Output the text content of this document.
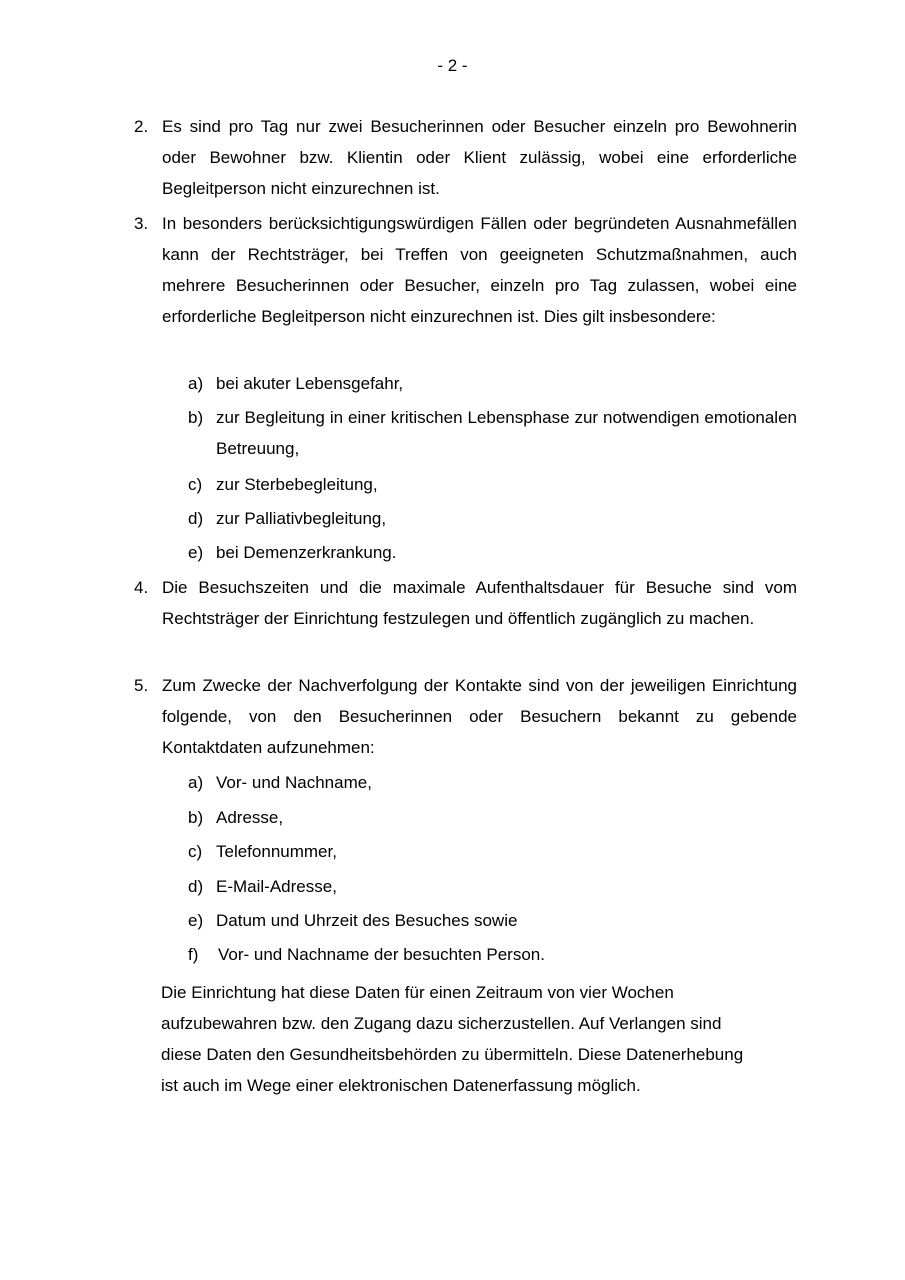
- 2 -
2. Es sind pro Tag nur zwei Besucherinnen oder Besucher einzeln pro Bewohnerin oder Bewohner bzw. Klientin oder Klient zulässig, wobei eine erforderliche Begleitperson nicht einzurechnen ist.
3. In besonders berücksichtigungswürdigen Fällen oder begründeten Ausnahmefällen kann der Rechtsträger, bei Treffen von geeigneten Schutzmaßnahmen, auch mehrere Besucherinnen oder Besucher, einzeln pro Tag zulassen, wobei eine erforderliche Begleitperson nicht einzurechnen ist. Dies gilt insbesondere:
a) bei akuter Lebensgefahr,
b) zur Begleitung in einer kritischen Lebensphase zur notwendigen emotionalen Betreuung,
c) zur Sterbebegleitung,
d) zur Palliativbegleitung,
e) bei Demenzerkrankung.
4. Die Besuchszeiten und die maximale Aufenthaltsdauer für Besuche sind vom Rechtsträger der Einrichtung festzulegen und öffentlich zugänglich zu machen.
5. Zum Zwecke der Nachverfolgung der Kontakte sind von der jeweiligen Einrichtung folgende, von den Besucherinnen oder Besuchern bekannt zu gebende Kontaktdaten aufzunehmen:
a) Vor- und Nachname,
b) Adresse,
c) Telefonnummer,
d) E-Mail-Adresse,
e) Datum und Uhrzeit des Besuches sowie
f)	Vor- und Nachname der besuchten Person.

Die Einrichtung hat diese Daten für einen Zeitraum von vier Wochen aufzubewahren bzw. den Zugang dazu sicherzustellen. Auf Verlangen sind diese Daten den Gesundheitsbehörden zu übermitteln. Diese Datenerhebung ist auch im Wege einer elektronischen Datenerfassung möglich.
